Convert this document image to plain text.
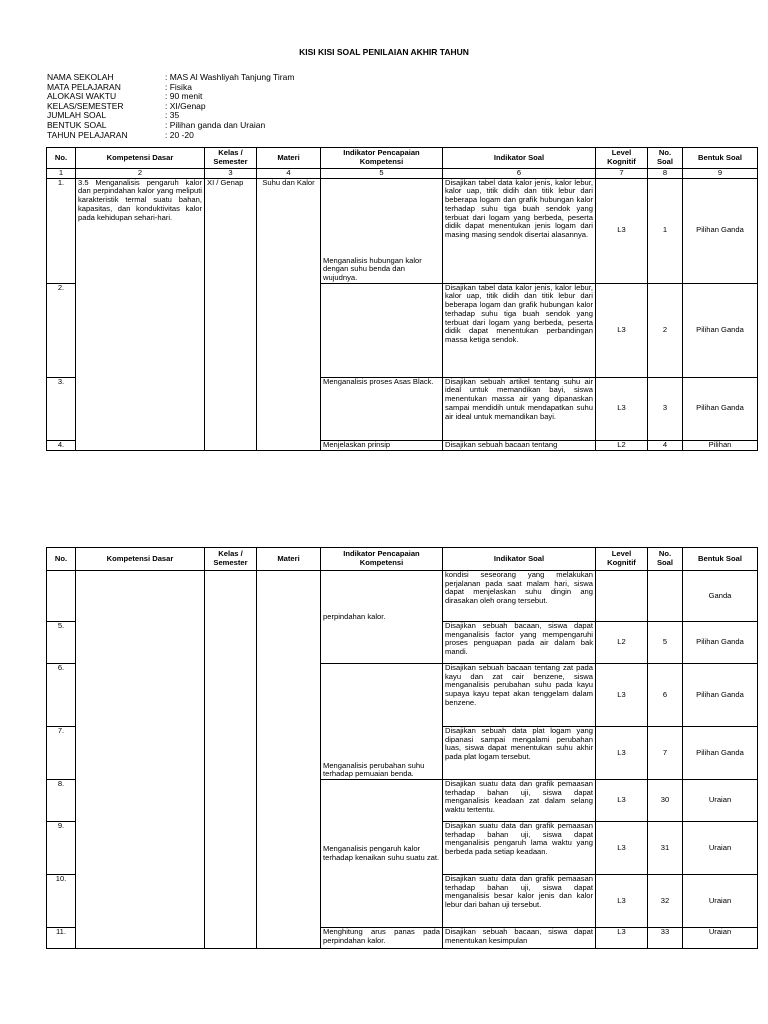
KISI KISI SOAL PENILAIAN AKHIR TAHUN
NAMA SEKOLAH	: MAS Al Washliyah Tanjung Tiram
MATA PELAJARAN	: Fisika
ALOKASI WAKTU	: 90 menit
KELAS/SEMESTER	: XI/Genap
JUMLAH SOAL	: 35
BENTUK SOAL	: Pilihan ganda dan Uraian
TAHUN PELAJARAN	: 20 -20
No.	Kompetensi Dasar	Kelas / Semester	Materi	Indikator Pencapaian Kompetensi	Indikator Soal	Level Kognitif	No. Soal	Bentuk Soal
1	2	3	4	5	6	7	8	9
1.	3.5 Menganalisis pengaruh kalor dan perpindahan kalor yang meliputi karakteristik termal suatu bahan, kapasitas, dan konduktivitas kalor pada kehidupan sehari-hari.	XI / Genap	Suhu dan Kalor	Menganalisis hubungan kalor dengan suhu benda dan wujudnya.	Disajikan tabel data kalor jenis, kalor lebur, kalor uap, titik didih dan titik lebur dari beberapa logam dan grafik hubungan kalor terhadap suhu tiga buah sendok yang terbuat dari logam yang berbeda, peserta didik dapat menentukan jenis logam dari masing masing sendok disertai alasannya.	L3	1	Pilihan Ganda
2.					Disajikan tabel data kalor jenis, kalor lebur, kalor uap, titik didih dan titik lebur dari beberapa logam dan grafik hubungan kalor terhadap suhu tiga buah sendok yang terbuat dari logam yang berbeda, peserta didik dapat menentukan perbandingan massa ketiga sendok.	L3	2	Pilihan Ganda
3.				Menganalisis proses Asas Black.	Disajikan sebuah artikel tentang suhu air ideal untuk memandikan bayi, siswa menentukan massa air yang dipanaskan sampai mendidih untuk mendapatkan suhu air ideal untuk memandikan bayi.	L3	3	Pilihan Ganda
4.				Menjelaskan prinsip	Disajikan sebuah bacaan tentang	L2	4	Pilihan
No.	Kompetensi Dasar	Kelas / Semester	Materi	Indikator Pencapaian Kompetensi	Indikator Soal	Level Kognitif	No. Soal	Bentuk Soal
				perpindahan kalor.	kondisi seseorang yang melakukan perjalanan pada saat malam hari, siswa dapat menjelaskan suhu dingin ang dirasakan oleh orang tersebut.			Ganda
5.					Disajikan sebuah bacaan, siswa dapat menganalisis factor yang mempengaruhi proses penguapan pada air dalam bak mandi.	L2	5	Pilihan Ganda
6.				Menganalisis perubahan suhu terhadap pemuaian benda.	Disajikan sebuah bacaan tentang zat pada kayu dan zat cair benzene, siswa menganalisis perubahan suhu pada kayu supaya kayu tepat akan tenggelam dalam benzene.	L3	6	Pilihan Ganda
7.					Disajikan sebuah data plat logam yang dipanasi sampai mengalami perubahan luas, siswa dapat menentukan suhu akhir pada plat logam tersebut.	L3	7	Pilihan Ganda
8.				Menganalisis pengaruh kalor terhadap kenaikan suhu suatu zat.	Disajikan suatu data dan grafik pemaasan terhadap bahan uji, siswa dapat menganalisis keadaan zat dalam selang waktu tertentu.	L3	30	Uraian
9.					Disajikan suatu data dan grafik pemaasan terhadap bahan uji, siswa dapat menganalisis pengaruh lama waktu yang berbeda pada setiap keadaan.	L3	31	Uraian
10.					Disajikan suatu data dan grafik pemaasan terhadap bahan uji, siswa dapat menganalisis besar kalor jenis dan kalor lebur dari bahan uji tersebut.	L3	32	Uraian
11.				Menghitung arus panas pada perpindahan kalor.	Disajikan sebuah bacaan, siswa dapat menentukan kesimpulan	L3	33	Uraian
